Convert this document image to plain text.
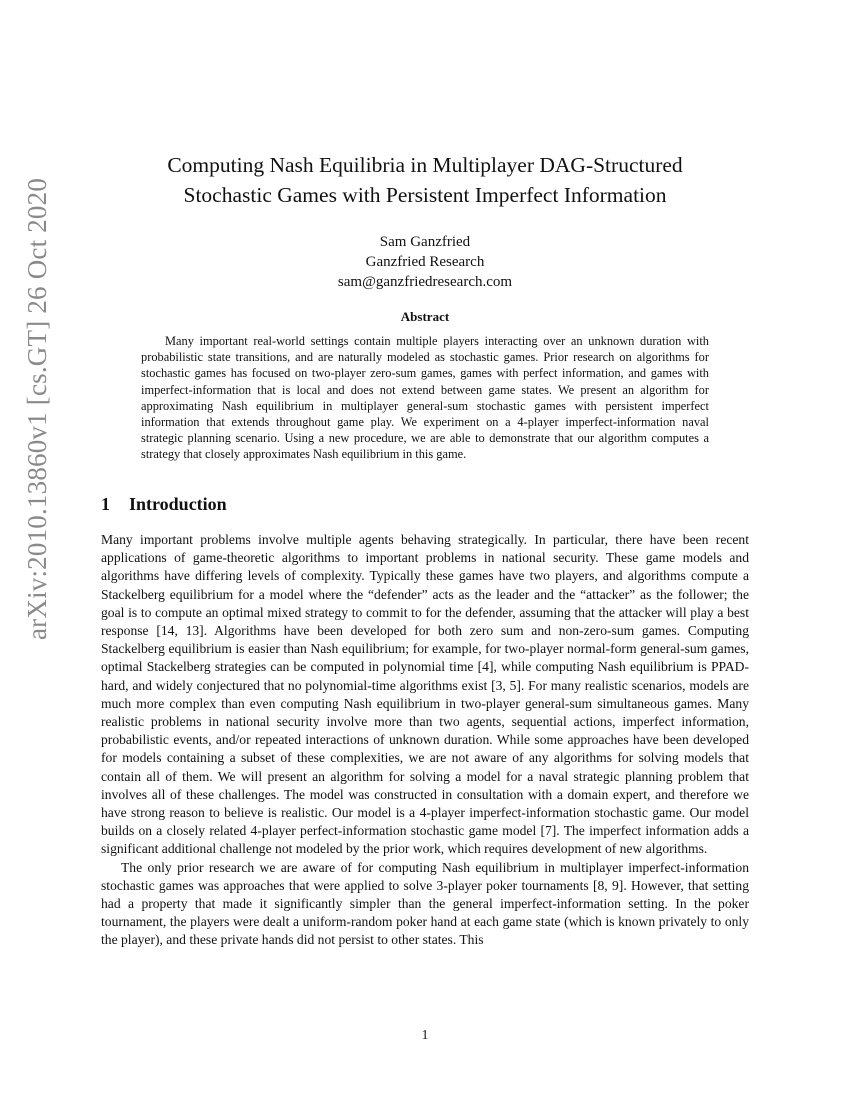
arXiv:2010.13860v1 [cs.GT] 26 Oct 2020
Computing Nash Equilibria in Multiplayer DAG-Structured
Stochastic Games with Persistent Imperfect Information
Sam Ganzfried
Ganzfried Research
sam@ganzfriedresearch.com
Abstract

Many important real-world settings contain multiple players interacting over an unknown duration with probabilistic state transitions, and are naturally modeled as stochastic games. Prior research on algorithms for stochastic games has focused on two-player zero-sum games, games with perfect information, and games with imperfect-information that is local and does not extend between game states. We present an algorithm for approximating Nash equilibrium in multiplayer general-sum stochastic games with persistent imperfect information that extends throughout game play. We experiment on a 4-player imperfect-information naval strategic planning scenario. Using a new procedure, we are able to demonstrate that our algorithm computes a strategy that closely approximates Nash equilibrium in this game.

1 Introduction

Many important problems involve multiple agents behaving strategically. In particular, there have been recent applications of game-theoretic algorithms to important problems in national security. These game models and algorithms have differing levels of complexity. Typically these games have two players, and algorithms compute a Stackelberg equilibrium for a model where the “defender” acts as the leader and the “attacker” as the follower; the goal is to compute an optimal mixed strategy to commit to for the defender, assuming that the attacker will play a best response [14, 13]. Algorithms have been developed for both zero sum and non-zero-sum games. Computing Stackelberg equilibrium is easier than Nash equilibrium; for example, for two-player normal-form general-sum games, optimal Stackelberg strategies can be computed in polynomial time [4], while computing Nash equilibrium is PPAD-hard, and widely conjectured that no polynomial-time algorithms exist [3, 5]. For many realistic scenarios, models are much more complex than even computing Nash equilibrium in two-player general-sum simultaneous games. Many realistic problems in national security involve more than two agents, sequential actions, imperfect information, probabilistic events, and/or repeated interactions of unknown duration. While some approaches have been developed for models containing a subset of these complexities, we are not aware of any algorithms for solving models that contain all of them. We will present an algorithm for solving a model for a naval strategic planning problem that involves all of these challenges. The model was constructed in consultation with a domain expert, and therefore we have strong reason to believe is realistic. Our model is a 4-player imperfect-information stochastic game. Our model builds on a closely related 4-player perfect-information stochastic game model [7]. The imperfect information adds a significant additional challenge not modeled by the prior work, which requires development of new algorithms.

The only prior research we are aware of for computing Nash equilibrium in multiplayer imperfect-information stochastic games was approaches that were applied to solve 3-player poker tournaments [8, 9]. However, that setting had a property that made it significantly simpler than the general imperfect-information setting. In the poker tournament, the players were dealt a uniform-random poker hand at each game state (which is known privately to only the player), and these private hands did not persist to other states. This

1
